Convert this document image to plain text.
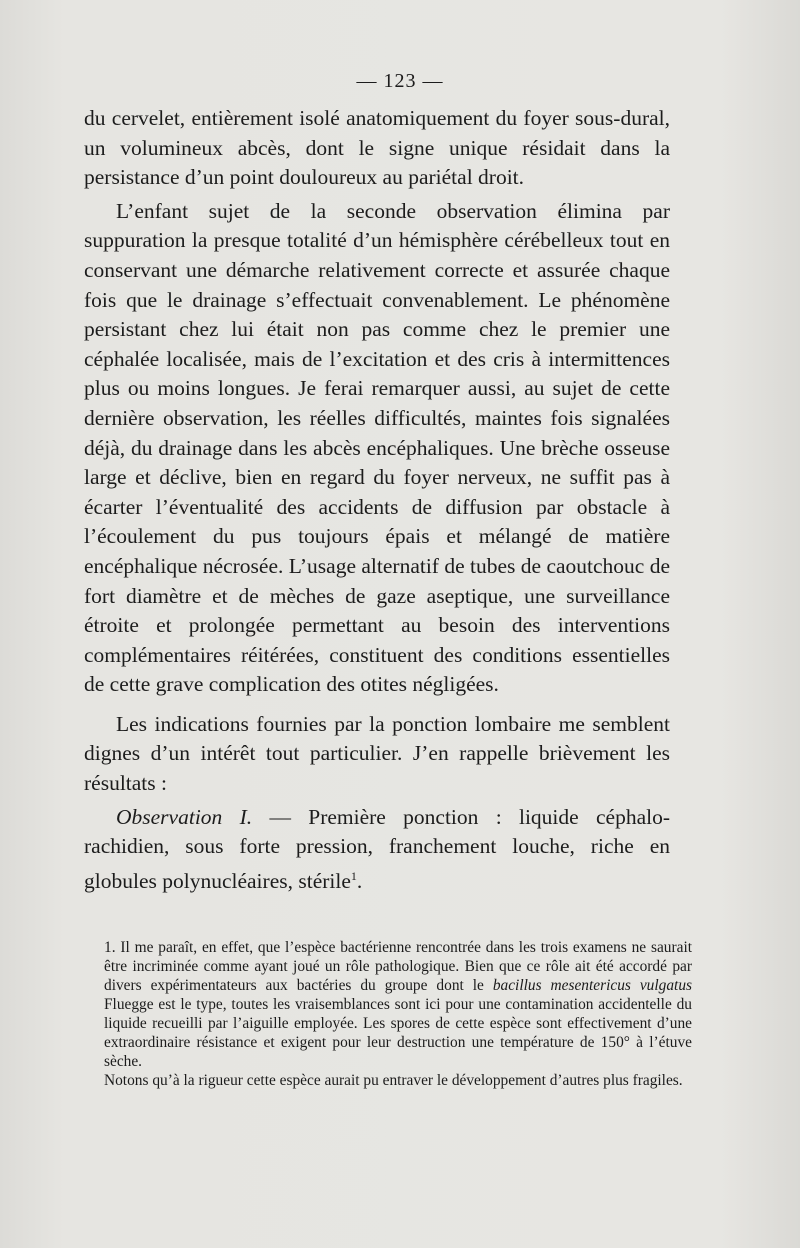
— 123 —

du cervelet, entièrement isolé anatomiquement du foyer sous-dural, un volumineux abcès, dont le signe unique résidait dans la persistance d’un point douloureux au pariétal droit.

L’enfant sujet de la seconde observation élimina par suppuration la presque totalité d’un hémisphère cérébelleux tout en conservant une démarche relativement correcte et assurée chaque fois que le drainage s’effectuait convenablement. Le phénomène persistant chez lui était non pas comme chez le premier une céphalée localisée, mais de l’excitation et des cris à intermittences plus ou moins longues. Je ferai remarquer aussi, au sujet de cette dernière observation, les réelles difficultés, maintes fois signalées déjà, du drainage dans les abcès encéphaliques. Une brèche osseuse large et déclive, bien en regard du foyer nerveux, ne suffit pas à écarter l’éventualité des accidents de diffusion par obstacle à l’écoulement du pus toujours épais et mélangé de matière encéphalique nécrosée. L’usage alternatif de tubes de caoutchouc de fort diamètre et de mèches de gaze aseptique, une surveillance étroite et prolongée permettant au besoin des interventions complémentaires réitérées, constituent des conditions essentielles de cette grave complication des otites négligées.

Les indications fournies par la ponction lombaire me semblent dignes d’un intérêt tout particulier. J’en rappelle brièvement les résultats :

Observation I. — Première ponction : liquide céphalo-rachidien, sous forte pression, franchement louche, riche en globules polynucléaires, stérile$^1$.

1. Il me paraît, en effet, que l’espèce bactérienne rencontrée dans les trois examens ne saurait être incriminée comme ayant joué un rôle pathologique. Bien que ce rôle ait été accordé par divers expérimentateurs aux bactéries du groupe dont le bacillus mesentericus vulgatus Fluegge est le type, toutes les vraisemblances sont ici pour une contamination accidentelle du liquide recueilli par l’aiguille employée. Les spores de cette espèce sont effectivement d’une extraordinaire résistance et exigent pour leur destruction une température de 150° à l’étuve sèche.

Notons qu’à la rigueur cette espèce aurait pu entraver le développement d’autres plus fragiles.
